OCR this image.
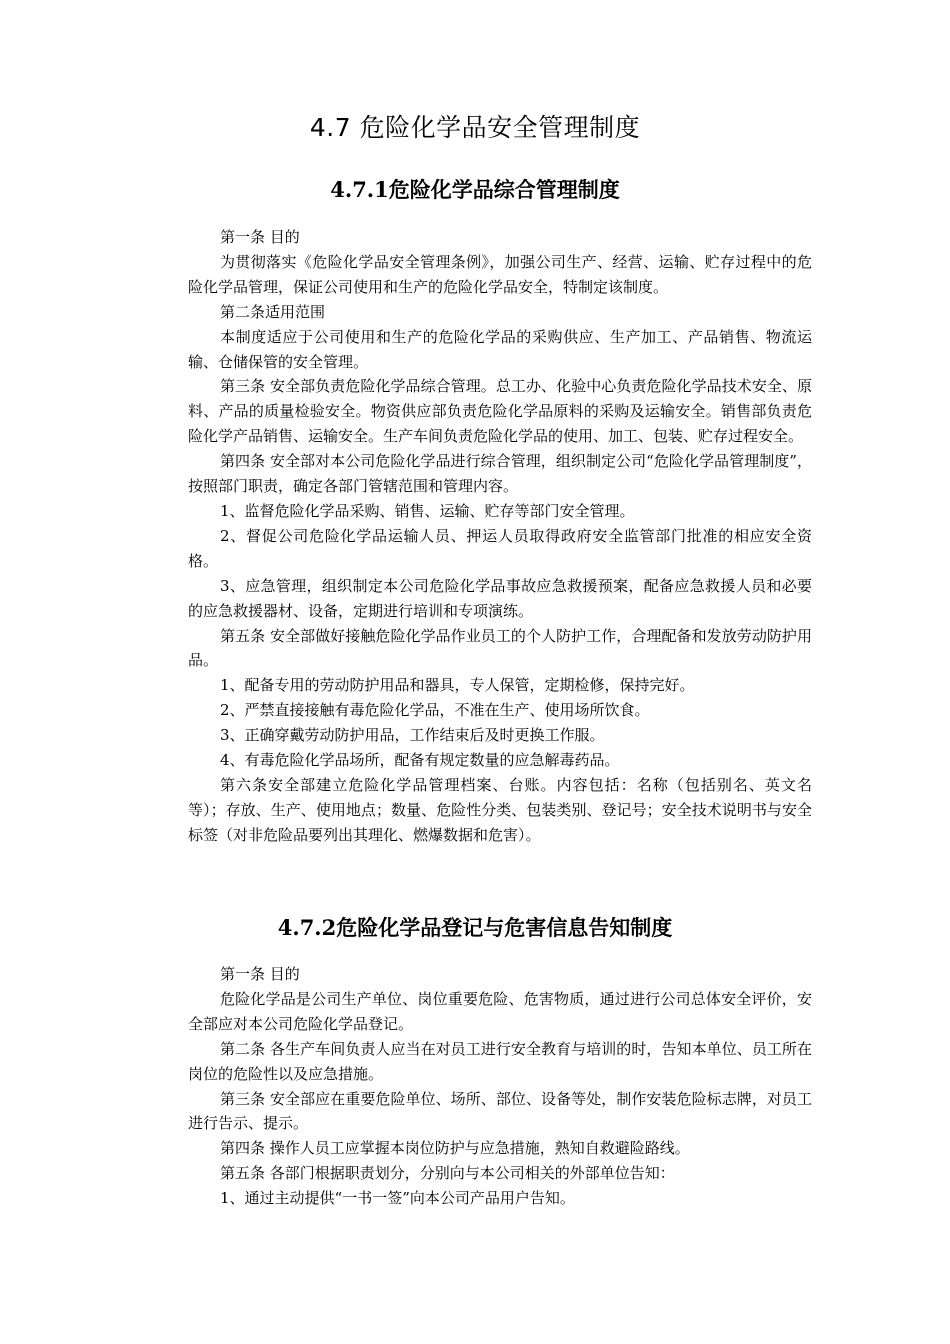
4.7 危险化学品安全管理制度
4.7.1危险化学品综合管理制度

第一条 目的

为贯彻落实《危险化学品安全管理条例》，加强公司生产、经营、运输、贮存过程中的危险化学品管理，保证公司使用和生产的危险化学品安全，特制定该制度。

第二条适用范围

本制度适应于公司使用和生产的危险化学品的采购供应、生产加工、产品销售、物流运输、仓储保管的安全管理。

第三条 安全部负责危险化学品综合管理。总工办、化验中心负责危险化学品技术安全、原料、产品的质量检验安全。物资供应部负责危险化学品原料的采购及运输安全。销售部负责危险化学产品销售、运输安全。生产车间负责危险化学品的使用、加工、包装、贮存过程安全。

第四条 安全部对本公司危险化学品进行综合管理，组织制定公司“危险化学品管理制度”，按照部门职责，确定各部门管辖范围和管理内容。

1、监督危险化学品采购、销售、运输、贮存等部门安全管理。

2、督促公司危险化学品运输人员、押运人员取得政府安全监管部门批准的相应安全资格。

3、应急管理，组织制定本公司危险化学品事故应急救援预案，配备应急救援人员和必要的应急救援器材、设备，定期进行培训和专项演练。

第五条 安全部做好接触危险化学品作业员工的个人防护工作，合理配备和发放劳动防护用品。

1、配备专用的劳动防护用品和器具，专人保管，定期检修，保持完好。

2、严禁直接接触有毒危险化学品，不准在生产、使用场所饮食。

3、正确穿戴劳动防护用品，工作结束后及时更换工作服。

4、有毒危险化学品场所，配备有规定数量的应急解毒药品。

第六条安全部建立危险化学品管理档案、台账。内容包括：名称（包括别名、英文名等）；存放、生产、使用地点；数量、危险性分类、包装类别、登记号；安全技术说明书与安全标签（对非危险品要列出其理化、燃爆数据和危害）。

4.7.2危险化学品登记与危害信息告知制度

第一条 目的

危险化学品是公司生产单位、岗位重要危险、危害物质，通过进行公司总体安全评价，安全部应对本公司危险化学品登记。

第二条 各生产车间负责人应当在对员工进行安全教育与培训的时，告知本单位、员工所在岗位的危险性以及应急措施。

第三条 安全部应在重要危险单位、场所、部位、设备等处，制作安装危险标志牌，对员工进行告示、提示。

第四条 操作人员工应掌握本岗位防护与应急措施，熟知自救避险路线。

第五条 各部门根据职责划分，分别向与本公司相关的外部单位告知：

1、通过主动提供“一书一签”向本公司产品用户告知。
